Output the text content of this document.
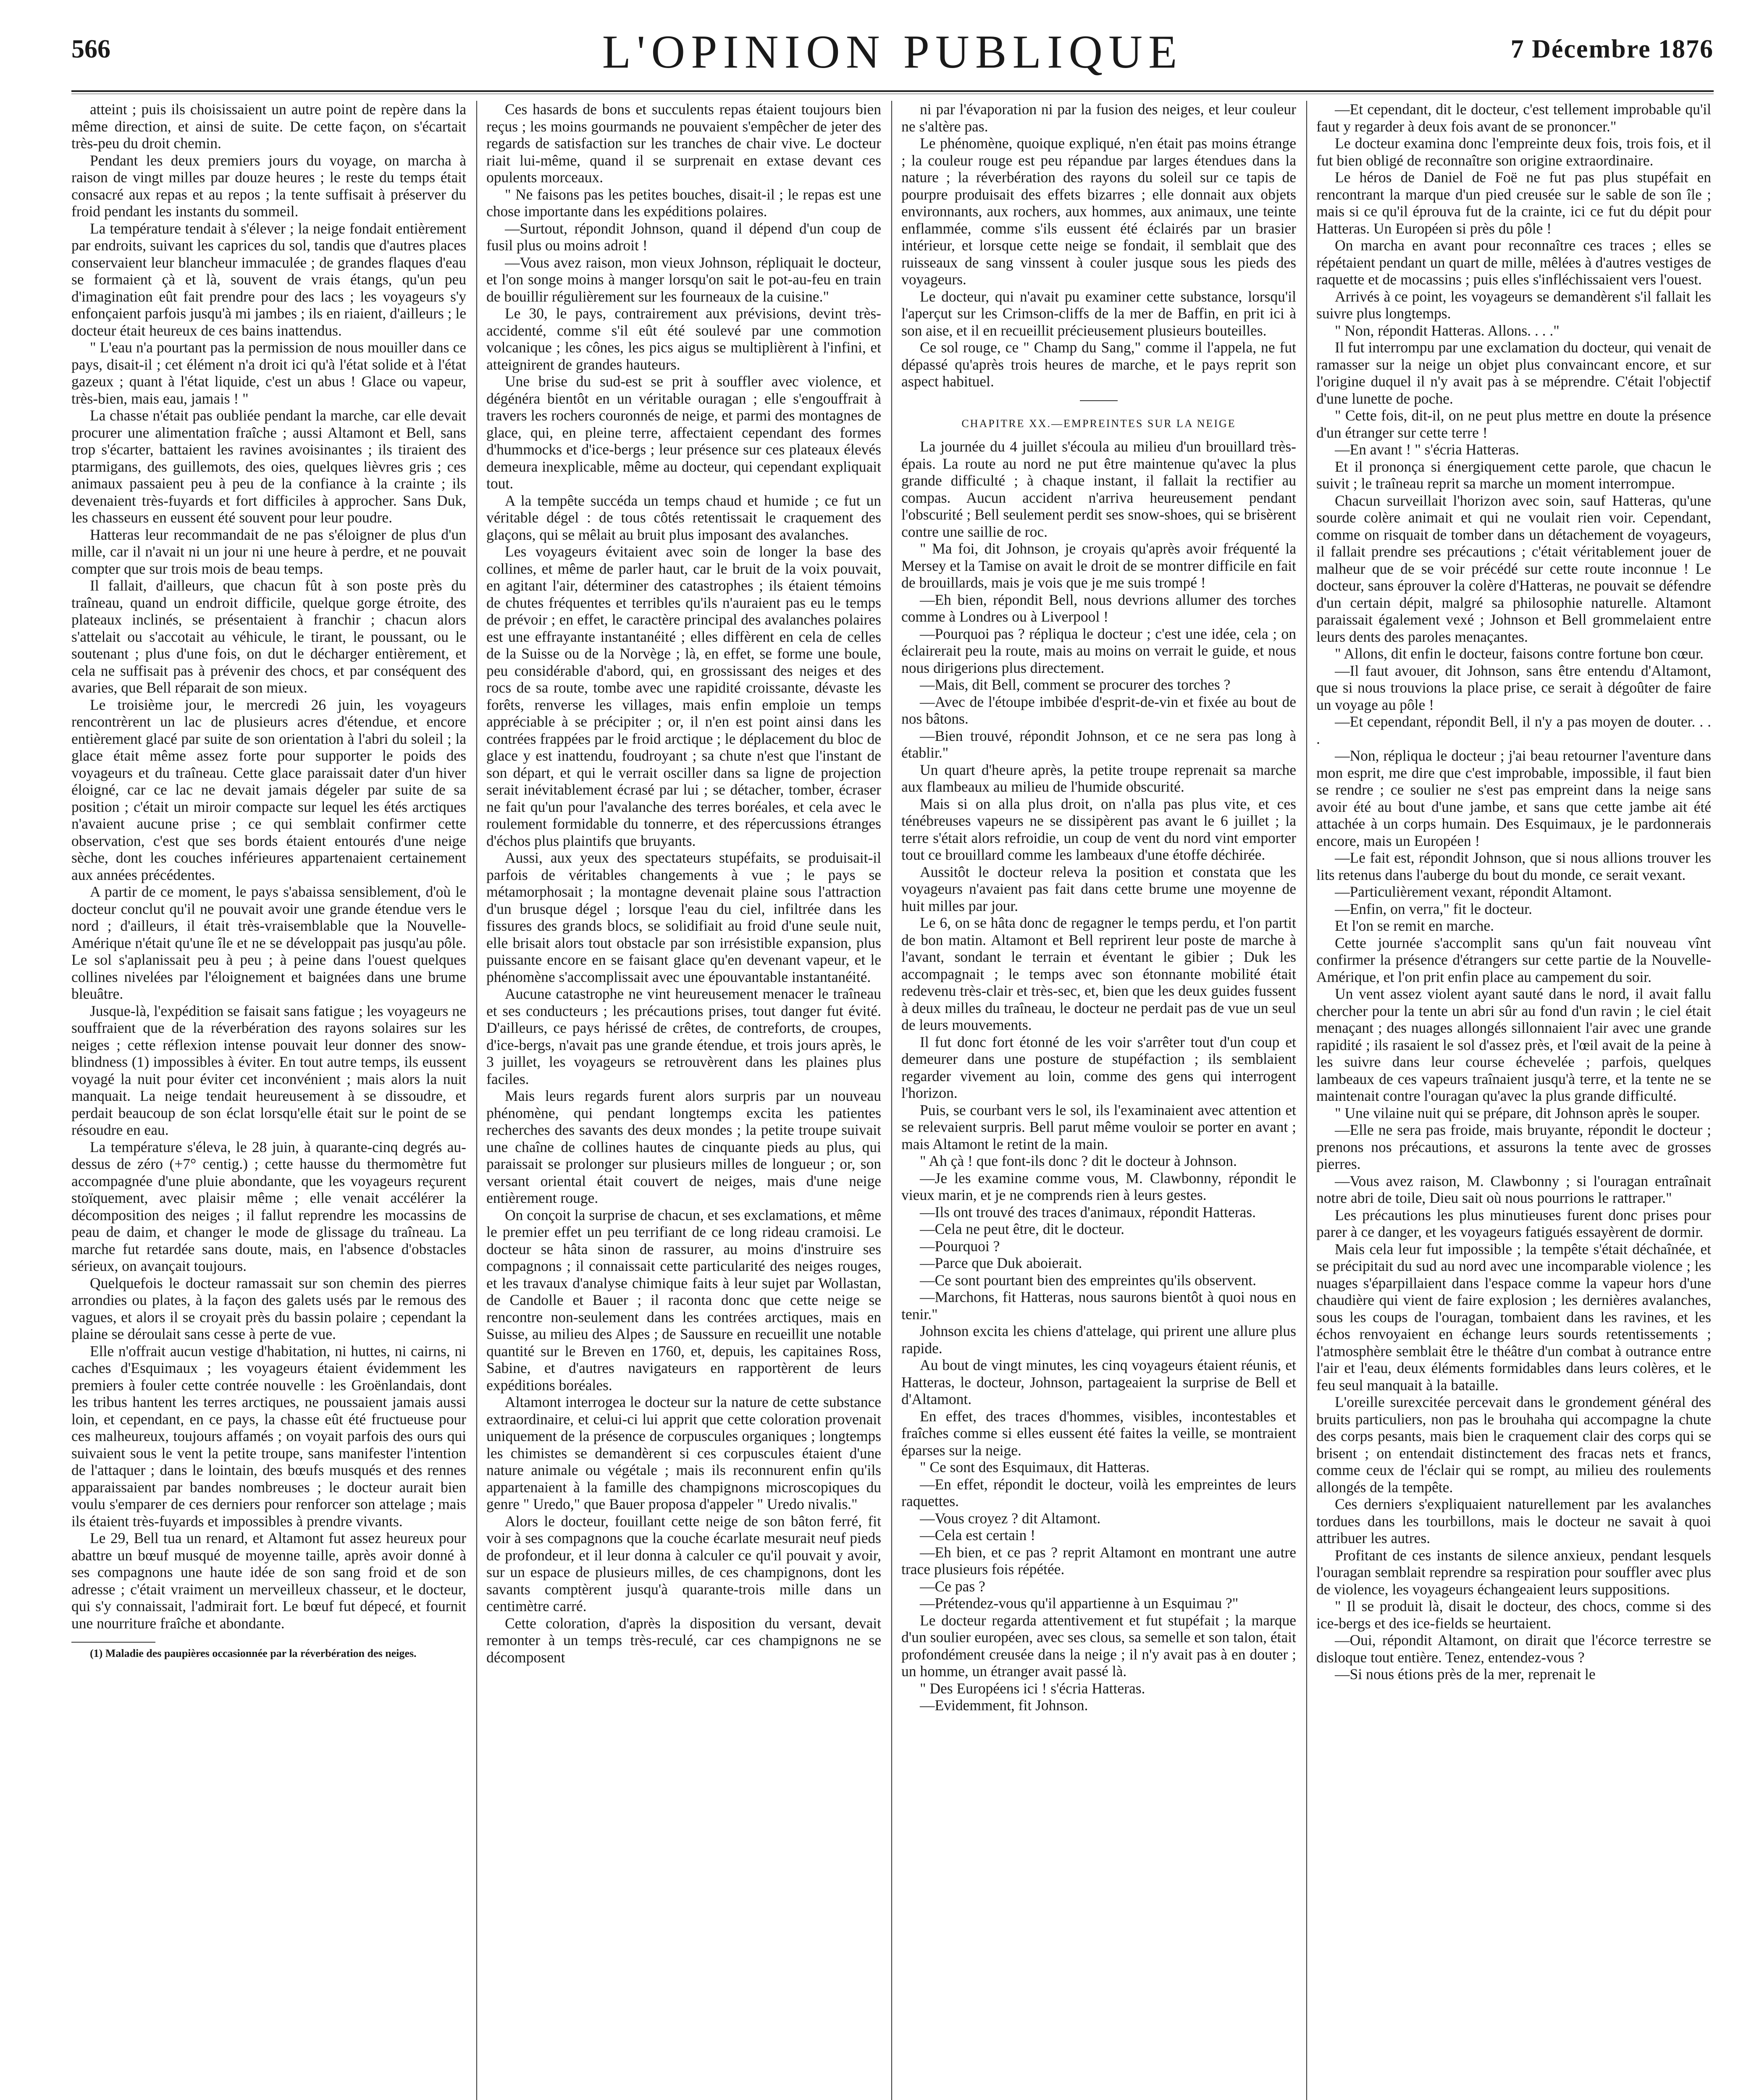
566	L'OPINION PUBLIQUE	7 Décembre 1876

atteint ; puis ils choisissaient un autre point de repère dans la même direction, et ainsi de suite. De cette façon, on s'écartait très-peu du droit chemin.

Pendant les deux premiers jours du voyage, on marcha à raison de vingt milles par douze heures ; le reste du temps était consacré aux repas et au repos ; la tente suffisait à préserver du froid pendant les instants du sommeil.

La température tendait à s'élever ; la neige fondait entièrement par endroits, suivant les caprices du sol, tandis que d'autres places conservaient leur blancheur immaculée ; de grandes flaques d'eau se formaient çà et là, souvent de vrais étangs, qu'un peu d'imagination eût fait prendre pour des lacs ; les voyageurs s'y enfonçaient parfois jusqu'à mi jambes ; ils en riaient, d'ailleurs ; le docteur était heureux de ces bains inattendus.

" L'eau n'a pourtant pas la permission de nous mouiller dans ce pays, disait-il ; cet élément n'a droit ici qu'à l'état solide et à l'état gazeux ; quant à l'état liquide, c'est un abus ! Glace ou vapeur, très-bien, mais eau, jamais ! "

La chasse n'était pas oubliée pendant la marche, car elle devait procurer une alimentation fraîche ; aussi Altamont et Bell, sans trop s'écarter, battaient les ravines avoisinantes ; ils tiraient des ptarmigans, des guillemots, des oies, quelques lièvres gris ; ces animaux passaient peu à peu de la confiance à la crainte ; ils devenaient très-fuyards et fort difficiles à approcher. Sans Duk, les chasseurs en eussent été souvent pour leur poudre.

Hatteras leur recommandait de ne pas s'éloigner de plus d'un mille, car il n'avait ni un jour ni une heure à perdre, et ne pouvait compter que sur trois mois de beau temps.

Il fallait, d'ailleurs, que chacun fût à son poste près du traîneau, quand un endroit difficile, quelque gorge étroite, des plateaux inclinés, se présentaient à franchir ; chacun alors s'attelait ou s'accotait au véhicule, le tirant, le poussant, ou le soutenant ; plus d'une fois, on dut le décharger entièrement, et cela ne suffisait pas à prévenir des chocs, et par conséquent des avaries, que Bell réparait de son mieux.

Le troisième jour, le mercredi 26 juin, les voyageurs rencontrèrent un lac de plusieurs acres d'étendue, et encore entièrement glacé par suite de son orientation à l'abri du soleil ; la glace était même assez forte pour supporter le poids des voyageurs et du traîneau. Cette glace paraissait dater d'un hiver éloigné, car ce lac ne devait jamais dégeler par suite de sa position ; c'était un miroir compacte sur lequel les étés arctiques n'avaient aucune prise ; ce qui semblait confirmer cette observation, c'est que ses bords étaient entourés d'une neige sèche, dont les couches inférieures appartenaient certainement aux années précédentes.

A partir de ce moment, le pays s'abaissa sensiblement, d'où le docteur conclut qu'il ne pouvait avoir une grande étendue vers le nord ; d'ailleurs, il était très-vraisemblable que la Nouvelle-Amérique n'était qu'une île et ne se développait pas jusqu'au pôle. Le sol s'aplanissait peu à peu ; à peine dans l'ouest quelques collines nivelées par l'éloignement et baignées dans une brume bleuâtre.

Jusque-là, l'expédition se faisait sans fatigue ; les voyageurs ne souffraient que de la réverbération des rayons solaires sur les neiges ; cette réflexion intense pouvait leur donner des snow-blindness (1) impossibles à éviter. En tout autre temps, ils eussent voyagé la nuit pour éviter cet inconvénient ; mais alors la nuit manquait. La neige tendait heureusement à se dissoudre, et perdait beaucoup de son éclat lorsqu'elle était sur le point de se résoudre en eau.

La température s'éleva, le 28 juin, à quarante-cinq degrés au-dessus de zéro (+7° centig.) ; cette hausse du thermomètre fut accompagnée d'une pluie abondante, que les voyageurs reçurent stoïquement, avec plaisir même ; elle venait accélérer la décomposition des neiges ; il fallut reprendre les mocassins de peau de daim, et changer le mode de glissage du traîneau. La marche fut retardée sans doute, mais, en l'absence d'obstacles sérieux, on avançait toujours.

Quelquefois le docteur ramassait sur son chemin des pierres arrondies ou plates, à la façon des galets usés par le remous des vagues, et alors il se croyait près du bassin polaire ; cependant la plaine se déroulait sans cesse à perte de vue.

Elle n'offrait aucun vestige d'habitation, ni huttes, ni cairns, ni caches d'Esquimaux ; les voyageurs étaient évidemment les premiers à fouler cette contrée nouvelle : les Groënlandais, dont les tribus hantent les terres arctiques, ne poussaient jamais aussi loin, et cependant, en ce pays, la chasse eût été fructueuse pour ces malheureux, toujours affamés ; on voyait parfois des ours qui suivaient sous le vent la petite troupe, sans manifester l'intention de l'attaquer ; dans le lointain, des bœufs musqués et des rennes apparaissaient par bandes nombreuses ; le docteur aurait bien voulu s'emparer de ces derniers pour renforcer son attelage ; mais ils étaient très-fuyards et impossibles à prendre vivants.

Le 29, Bell tua un renard, et Altamont fut assez heureux pour abattre un bœuf musqué de moyenne taille, après avoir donné à ses compagnons une haute idée de son sang froid et de son adresse ; c'était vraiment un merveilleux chasseur, et le docteur, qui s'y connaissait, l'admirait fort. Le bœuf fut dépecé, et fournit une nourriture fraîche et abondante.

(1) Maladie des paupières occasionnée par la réverbération des neiges.

Ces hasards de bons et succulents repas étaient toujours bien reçus ; les moins gourmands ne pouvaient s'empêcher de jeter des regards de satisfaction sur les tranches de chair vive. Le docteur riait lui-même, quand il se surprenait en extase devant ces opulents morceaux.

" Ne faisons pas les petites bouches, disait-il ; le repas est une chose importante dans les expéditions polaires.

—Surtout, répondit Johnson, quand il dépend d'un coup de fusil plus ou moins adroit !

—Vous avez raison, mon vieux Johnson, répliquait le docteur, et l'on songe moins à manger lorsqu'on sait le pot-au-feu en train de bouillir régulièrement sur les fourneaux de la cuisine."

Le 30, le pays, contrairement aux prévisions, devint très-accidenté, comme s'il eût été soulevé par une commotion volcanique ; les cônes, les pics aigus se multiplièrent à l'infini, et atteignirent de grandes hauteurs.

Une brise du sud-est se prit à souffler avec violence, et dégénéra bientôt en un véritable ouragan ; elle s'engouffrait à travers les rochers couronnés de neige, et parmi des montagnes de glace, qui, en pleine terre, affectaient cependant des formes d'hummocks et d'ice-bergs ; leur présence sur ces plateaux élevés demeura inexplicable, même au docteur, qui cependant expliquait tout.

A la tempête succéda un temps chaud et humide ; ce fut un véritable dégel : de tous côtés retentissait le craquement des glaçons, qui se mêlait au bruit plus imposant des avalanches.

Les voyageurs évitaient avec soin de longer la base des collines, et même de parler haut, car le bruit de la voix pouvait, en agitant l'air, déterminer des catastrophes ; ils étaient témoins de chutes fréquentes et terribles qu'ils n'auraient pas eu le temps de prévoir ; en effet, le caractère principal des avalanches polaires est une effrayante instantanéité ; elles diffèrent en cela de celles de la Suisse ou de la Norvège ; là, en effet, se forme une boule, peu considérable d'abord, qui, en grossissant des neiges et des rocs de sa route, tombe avec une rapidité croissante, dévaste les forêts, renverse les villages, mais enfin emploie un temps appréciable à se précipiter ; or, il n'en est point ainsi dans les contrées frappées par le froid arctique ; le déplacement du bloc de glace y est inattendu, foudroyant ; sa chute n'est que l'instant de son départ, et qui le verrait osciller dans sa ligne de projection serait inévitablement écrasé par lui ; se détacher, tomber, écraser ne fait qu'un pour l'avalanche des terres boréales, et cela avec le roulement formidable du tonnerre, et des répercussions étranges d'échos plus plaintifs que bruyants.

Aussi, aux yeux des spectateurs stupéfaits, se produisait-il parfois de véritables changements à vue ; le pays se métamorphosait ; la montagne devenait plaine sous l'attraction d'un brusque dégel ; lorsque l'eau du ciel, infiltrée dans les fissures des grands blocs, se solidifiait au froid d'une seule nuit, elle brisait alors tout obstacle par son irrésistible expansion, plus puissante encore en se faisant glace qu'en devenant vapeur, et le phénomène s'accomplissait avec une épouvantable instantanéité.

Aucune catastrophe ne vint heureusement menacer le traîneau et ses conducteurs ; les précautions prises, tout danger fut évité. D'ailleurs, ce pays hérissé de crêtes, de contreforts, de croupes, d'ice-bergs, n'avait pas une grande étendue, et trois jours après, le 3 juillet, les voyageurs se retrouvèrent dans les plaines plus faciles.

Mais leurs regards furent alors surpris par un nouveau phénomène, qui pendant longtemps excita les patientes recherches des savants des deux mondes ; la petite troupe suivait une chaîne de collines hautes de cinquante pieds au plus, qui paraissait se prolonger sur plusieurs milles de longueur ; or, son versant oriental était couvert de neiges, mais d'une neige entièrement rouge.

On conçoit la surprise de chacun, et ses exclamations, et même le premier effet un peu terrifiant de ce long rideau cramoisi. Le docteur se hâta sinon de rassurer, au moins d'instruire ses compagnons ; il connaissait cette particularité des neiges rouges, et les travaux d'analyse chimique faits à leur sujet par Wollastan, de Candolle et Bauer ; il raconta donc que cette neige se rencontre non-seulement dans les contrées arctiques, mais en Suisse, au milieu des Alpes ; de Saussure en recueillit une notable quantité sur le Breven en 1760, et, depuis, les capitaines Ross, Sabine, et d'autres navigateurs en rapportèrent de leurs expéditions boréales.

Altamont interrogea le docteur sur la nature de cette substance extraordinaire, et celui-ci lui apprit que cette coloration provenait uniquement de la présence de corpuscules organiques ; longtemps les chimistes se demandèrent si ces corpuscules étaient d'une nature animale ou végétale ; mais ils reconnurent enfin qu'ils appartenaient à la famille des champignons microscopiques du genre " Uredo," que Bauer proposa d'appeler " Uredo nivalis."

Alors le docteur, fouillant cette neige de son bâton ferré, fit voir à ses compagnons que la couche écarlate mesurait neuf pieds de profondeur, et il leur donna à calculer ce qu'il pouvait y avoir, sur un espace de plusieurs milles, de ces champignons, dont les savants comptèrent jusqu'à quarante-trois mille dans un centimètre carré.

Cette coloration, d'après la disposition du versant, devait remonter à un temps très-reculé, car ces champignons ne se décomposent

ni par l'évaporation ni par la fusion des neiges, et leur couleur ne s'altère pas.

Le phénomène, quoique expliqué, n'en était pas moins étrange ; la couleur rouge est peu répandue par larges étendues dans la nature ; la réverbération des rayons du soleil sur ce tapis de pourpre produisait des effets bizarres ; elle donnait aux objets environnants, aux rochers, aux hommes, aux animaux, une teinte enflammée, comme s'ils eussent été éclairés par un brasier intérieur, et lorsque cette neige se fondait, il semblait que des ruisseaux de sang vinssent à couler jusque sous les pieds des voyageurs.

Le docteur, qui n'avait pu examiner cette substance, lorsqu'il l'aperçut sur les Crimson-cliffs de la mer de Baffin, en prit ici à son aise, et il en recueillit précieusement plusieurs bouteilles.

Ce sol rouge, ce " Champ du Sang," comme il l'appela, ne fut dépassé qu'après trois heures de marche, et le pays reprit son aspect habituel.

CHAPITRE XX.—EMPREINTES SUR LA NEIGE

La journée du 4 juillet s'écoula au milieu d'un brouillard très-épais. La route au nord ne put être maintenue qu'avec la plus grande difficulté ; à chaque instant, il fallait la rectifier au compas. Aucun accident n'arriva heureusement pendant l'obscurité ; Bell seulement perdit ses snow-shoes, qui se brisèrent contre une saillie de roc.

" Ma foi, dit Johnson, je croyais qu'après avoir fréquenté la Mersey et la Tamise on avait le droit de se montrer difficile en fait de brouillards, mais je vois que je me suis trompé !

—Eh bien, répondit Bell, nous devrions allumer des torches comme à Londres ou à Liverpool !

—Pourquoi pas ? répliqua le docteur ; c'est une idée, cela ; on éclairerait peu la route, mais au moins on verrait le guide, et nous nous dirigerions plus directement.

—Mais, dit Bell, comment se procurer des torches ?

—Avec de l'étoupe imbibée d'esprit-de-vin et fixée au bout de nos bâtons.

—Bien trouvé, répondit Johnson, et ce ne sera pas long à établir."

Un quart d'heure après, la petite troupe reprenait sa marche aux flambeaux au milieu de l'humide obscurité.

Mais si on alla plus droit, on n'alla pas plus vite, et ces ténébreuses vapeurs ne se dissipèrent pas avant le 6 juillet ; la terre s'était alors refroidie, un coup de vent du nord vint emporter tout ce brouillard comme les lambeaux d'une étoffe déchirée.

Aussitôt le docteur releva la position et constata que les voyageurs n'avaient pas fait dans cette brume une moyenne de huit milles par jour.

Le 6, on se hâta donc de regagner le temps perdu, et l'on partit de bon matin. Altamont et Bell reprirent leur poste de marche à l'avant, sondant le terrain et éventant le gibier ; Duk les accompagnait ; le temps avec son étonnante mobilité était redevenu très-clair et très-sec, et, bien que les deux guides fussent à deux milles du traîneau, le docteur ne perdait pas de vue un seul de leurs mouvements.

Il fut donc fort étonné de les voir s'arrêter tout d'un coup et demeurer dans une posture de stupéfaction ; ils semblaient regarder vivement au loin, comme des gens qui interrogent l'horizon.

Puis, se courbant vers le sol, ils l'examinaient avec attention et se relevaient surpris. Bell parut même vouloir se porter en avant ; mais Altamont le retint de la main.

" Ah çà ! que font-ils donc ? dit le docteur à Johnson.

—Je les examine comme vous, M. Clawbonny, répondit le vieux marin, et je ne comprends rien à leurs gestes.

—Ils ont trouvé des traces d'animaux, répondit Hatteras.

—Cela ne peut être, dit le docteur.

—Pourquoi ?

—Parce que Duk aboierait.

—Ce sont pourtant bien des empreintes qu'ils observent.

—Marchons, fit Hatteras, nous saurons bientôt à quoi nous en tenir."

Johnson excita les chiens d'attelage, qui prirent une allure plus rapide.

Au bout de vingt minutes, les cinq voyageurs étaient réunis, et Hatteras, le docteur, Johnson, partageaient la surprise de Bell et d'Altamont.

En effet, des traces d'hommes, visibles, incontestables et fraîches comme si elles eussent été faites la veille, se montraient éparses sur la neige.

" Ce sont des Esquimaux, dit Hatteras.

—En effet, répondit le docteur, voilà les empreintes de leurs raquettes.

—Vous croyez ? dit Altamont.

—Cela est certain !

—Eh bien, et ce pas ? reprit Altamont en montrant une autre trace plusieurs fois répétée.

—Ce pas ?

—Prétendez-vous qu'il appartienne à un Esquimau ?"

Le docteur regarda attentivement et fut stupéfait ; la marque d'un soulier européen, avec ses clous, sa semelle et son talon, était profondément creusée dans la neige ; il n'y avait pas à en douter ; un homme, un étranger avait passé là.

" Des Européens ici ! s'écria Hatteras.

—Evidemment, fit Johnson.

—Et cependant, dit le docteur, c'est tellement improbable qu'il faut y regarder à deux fois avant de se prononcer."

Le docteur examina donc l'empreinte deux fois, trois fois, et il fut bien obligé de reconnaître son origine extraordinaire.

Le héros de Daniel de Foë ne fut pas plus stupéfait en rencontrant la marque d'un pied creusée sur le sable de son île ; mais si ce qu'il éprouva fut de la crainte, ici ce fut du dépit pour Hatteras. Un Européen si près du pôle !

On marcha en avant pour reconnaître ces traces ; elles se répétaient pendant un quart de mille, mêlées à d'autres vestiges de raquette et de mocassins ; puis elles s'infléchissaient vers l'ouest.

Arrivés à ce point, les voyageurs se demandèrent s'il fallait les suivre plus longtemps.

" Non, répondit Hatteras. Allons. . . ."

Il fut interrompu par une exclamation du docteur, qui venait de ramasser sur la neige un objet plus convaincant encore, et sur l'origine duquel il n'y avait pas à se méprendre. C'était l'objectif d'une lunette de poche.

" Cette fois, dit-il, on ne peut plus mettre en doute la présence d'un étranger sur cette terre !

—En avant ! " s'écria Hatteras.

Et il prononça si énergiquement cette parole, que chacun le suivit ; le traîneau reprit sa marche un moment interrompue.

Chacun surveillait l'horizon avec soin, sauf Hatteras, qu'une sourde colère animait et qui ne voulait rien voir. Cependant, comme on risquait de tomber dans un détachement de voyageurs, il fallait prendre ses précautions ; c'était véritablement jouer de malheur que de se voir précédé sur cette route inconnue ! Le docteur, sans éprouver la colère d'Hatteras, ne pouvait se défendre d'un certain dépit, malgré sa philosophie naturelle. Altamont paraissait également vexé ; Johnson et Bell grommelaient entre leurs dents des paroles menaçantes.

" Allons, dit enfin le docteur, faisons contre fortune bon cœur.

—Il faut avouer, dit Johnson, sans être entendu d'Altamont, que si nous trouvions la place prise, ce serait à dégoûter de faire un voyage au pôle !

—Et cependant, répondit Bell, il n'y a pas moyen de douter. . . .

—Non, répliqua le docteur ; j'ai beau retourner l'aventure dans mon esprit, me dire que c'est improbable, impossible, il faut bien se rendre ; ce soulier ne s'est pas empreint dans la neige sans avoir été au bout d'une jambe, et sans que cette jambe ait été attachée à un corps humain. Des Esquimaux, je le pardonnerais encore, mais un Européen !

—Le fait est, répondit Johnson, que si nous allions trouver les lits retenus dans l'auberge du bout du monde, ce serait vexant.

—Particulièrement vexant, répondit Altamont.

—Enfin, on verra," fit le docteur.

Et l'on se remit en marche.

Cette journée s'accomplit sans qu'un fait nouveau vînt confirmer la présence d'étrangers sur cette partie de la Nouvelle-Amérique, et l'on prit enfin place au campement du soir.

Un vent assez violent ayant sauté dans le nord, il avait fallu chercher pour la tente un abri sûr au fond d'un ravin ; le ciel était menaçant ; des nuages allongés sillonnaient l'air avec une grande rapidité ; ils rasaient le sol d'assez près, et l'œil avait de la peine à les suivre dans leur course échevelée ; parfois, quelques lambeaux de ces vapeurs traînaient jusqu'à terre, et la tente ne se maintenait contre l'ouragan qu'avec la plus grande difficulté.

" Une vilaine nuit qui se prépare, dit Johnson après le souper.

—Elle ne sera pas froide, mais bruyante, répondit le docteur ; prenons nos précautions, et assurons la tente avec de grosses pierres.

—Vous avez raison, M. Clawbonny ; si l'ouragan entraînait notre abri de toile, Dieu sait où nous pourrions le rattraper."

Les précautions les plus minutieuses furent donc prises pour parer à ce danger, et les voyageurs fatigués essayèrent de dormir.

Mais cela leur fut impossible ; la tempête s'était déchaînée, et se précipitait du sud au nord avec une incomparable violence ; les nuages s'éparpillaient dans l'espace comme la vapeur hors d'une chaudière qui vient de faire explosion ; les dernières avalanches, sous les coups de l'ouragan, tombaient dans les ravines, et les échos renvoyaient en échange leurs sourds retentissements ; l'atmosphère semblait être le théâtre d'un combat à outrance entre l'air et l'eau, deux éléments formidables dans leurs colères, et le feu seul manquait à la bataille.

L'oreille surexcitée percevait dans le grondement général des bruits particuliers, non pas le brouhaha qui accompagne la chute des corps pesants, mais bien le craquement clair des corps qui se brisent ; on entendait distinctement des fracas nets et francs, comme ceux de l'éclair qui se rompt, au milieu des roulements allongés de la tempête.

Ces derniers s'expliquaient naturellement par les avalanches tordues dans les tourbillons, mais le docteur ne savait à quoi attribuer les autres.

Profitant de ces instants de silence anxieux, pendant lesquels l'ouragan semblait reprendre sa respiration pour souffler avec plus de violence, les voyageurs échangeaient leurs suppositions.

" Il se produit là, disait le docteur, des chocs, comme si des ice-bergs et des ice-fields se heurtaient.

—Oui, répondit Altamont, on dirait que l'écorce terrestre se disloque tout entière. Tenez, entendez-vous ?

—Si nous étions près de la mer, reprenait le
